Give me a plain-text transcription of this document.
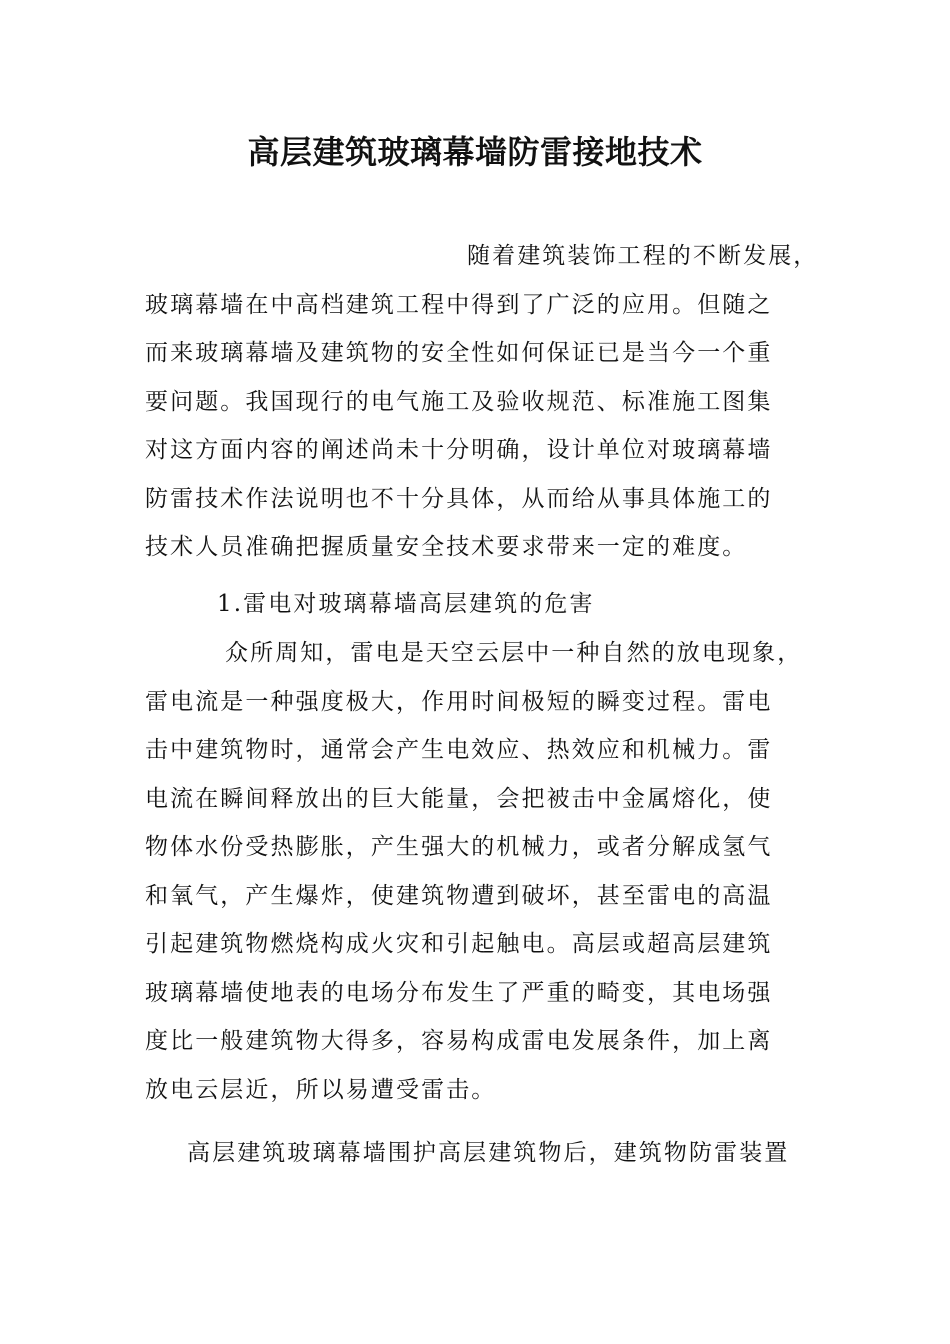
高层建筑玻璃幕墙防雷接地技术
随着建筑装饰工程的不断发展，
玻璃幕墙在中高档建筑工程中得到了广泛的应用。但随之
而来玻璃幕墙及建筑物的安全性如何保证已是当今一个重
要问题。我国现行的电气施工及验收规范、标准施工图集
对这方面内容的阐述尚未十分明确，设计单位对玻璃幕墙
防雷技术作法说明也不十分具体，从而给从事具体施工的
技术人员准确把握质量安全技术要求带来一定的难度。
1.雷电对玻璃幕墙高层建筑的危害
众所周知，雷电是天空云层中一种自然的放电现象，
雷电流是一种强度极大，作用时间极短的瞬变过程。雷电
击中建筑物时，通常会产生电效应、热效应和机械力。雷
电流在瞬间释放出的巨大能量，会把被击中金属熔化，使
物体水份受热膨胀，产生强大的机械力，或者分解成氢气
和氧气，产生爆炸，使建筑物遭到破坏，甚至雷电的高温
引起建筑物燃烧构成火灾和引起触电。高层或超高层建筑
玻璃幕墙使地表的电场分布发生了严重的畸变，其电场强
度比一般建筑物大得多，容易构成雷电发展条件，加上离
放电云层近，所以易遭受雷击。
高层建筑玻璃幕墙围护高层建筑物后，建筑物防雷装置
